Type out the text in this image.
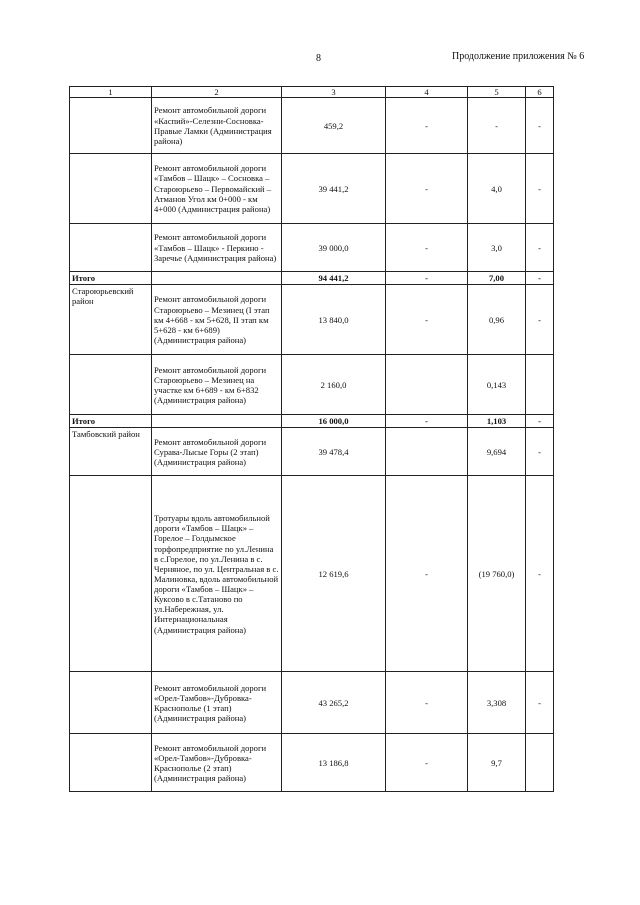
8	Продолжение приложения № 6
1	2	3	4	5	6
	Ремонт автомобильной дороги «Каспий»-Селезни-Сосновка-Правые Ламки (Администрация района)	459,2	-	-	-
	Ремонт автомобильной дороги «Тамбов – Шацк» – Сосновка – Староюрьево – Первомайский – Атманов Угол км 0+000 - км 4+000 (Администрация района)	39 441,2	-	4,0	-
	Ремонт автомобильной дороги «Тамбов – Шацк» - Перкино - Заречье (Администрация района)	39 000,0	-	3,0	-
Итого		94 441,2	-	7,00	-
Староюрьевский район	Ремонт автомобильной дороги Староюрьево – Мезинец (I этап км 4+668 - км 5+628, II этап км 5+628 - км 6+689) (Администрация района)	13 840,0	-	0,96	-
	Ремонт автомобильной дороги Староюрьево – Мезинец на участке км 6+689 - км 6+832 (Администрация района)	2 160,0		0,143	
Итого		16 000,0	-	1,103	-
Тамбовский район	Ремонт автомобильной дороги Сурава-Лысые Горы (2 этап) (Администрация района)	39 478,4		9,694	-
	Тротуары вдоль автомобильной дороги «Тамбов – Шацк» – Горелое – Голдымское торфопредприятие по ул.Ленина в с.Горелое, по ул.Ленина в с. Черняное, по ул. Центральная в с. Малиновка, вдоль автомобильной дороги «Тамбов – Шацк» – Куксово в с.Татаново по ул.Набережная, ул. Интернациональная (Администрация района)	12 619,6	-	(19 760,0)	-
	Ремонт автомобильной дороги «Орел-Тамбов»-Дубровка-Краснополье (1 этап) (Администрация района)	43 265,2	-	3,308	-
	Ремонт автомобильной дороги «Орел-Тамбов»-Дубровка-Краснополье (2 этап) (Администрация района)	13 186,8	-	9,7	
